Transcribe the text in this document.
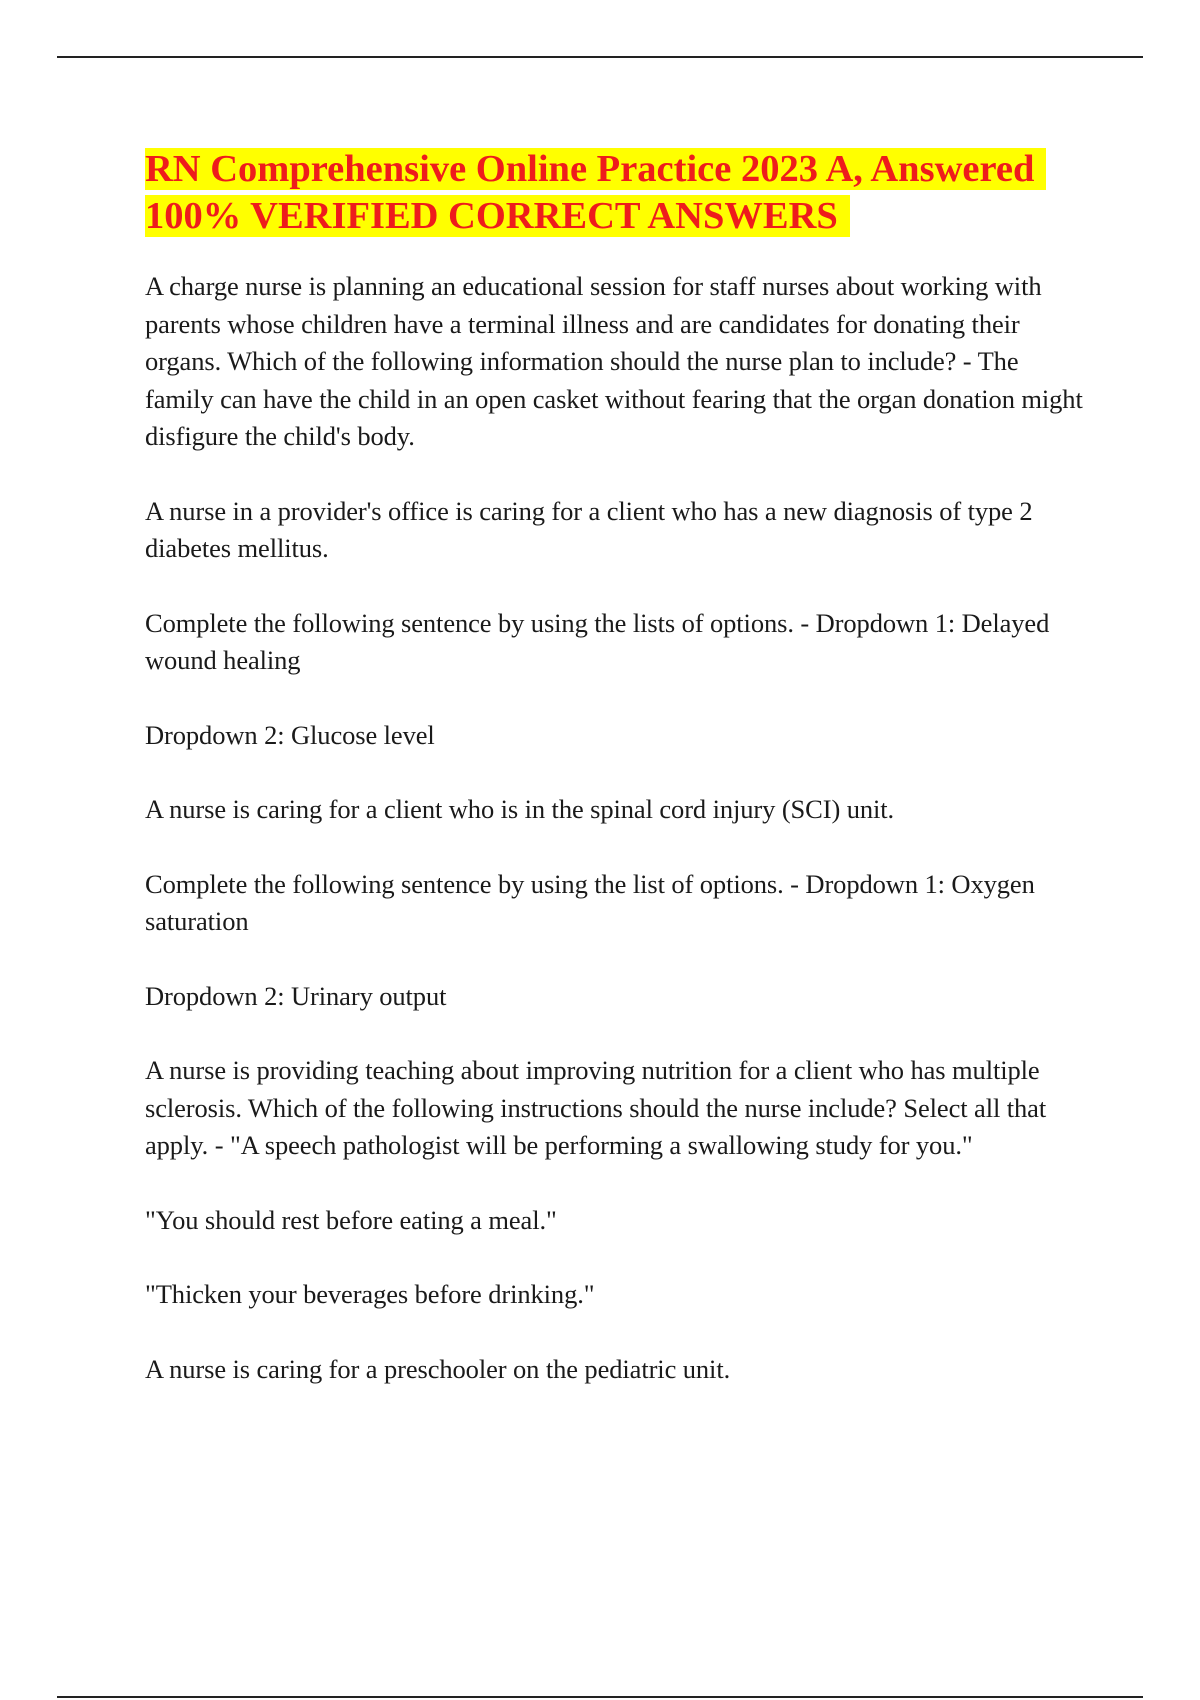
RN Comprehensive Online Practice 2023 A, Answered
100% VERIFIED CORRECT ANSWERS

A charge nurse is planning an educational session for staff nurses about working with parents whose children have a terminal illness and are candidates for donating their organs. Which of the following information should the nurse plan to include? - The family can have the child in an open casket without fearing that the organ donation might disfigure the child's body.

A nurse in a provider's office is caring for a client who has a new diagnosis of type 2 diabetes mellitus.

Complete the following sentence by using the lists of options. - Dropdown 1: Delayed wound healing

Dropdown 2: Glucose level

A nurse is caring for a client who is in the spinal cord injury (SCI) unit.

Complete the following sentence by using the list of options. - Dropdown 1: Oxygen saturation

Dropdown 2: Urinary output

A nurse is providing teaching about improving nutrition for a client who has multiple sclerosis. Which of the following instructions should the nurse include? Select all that apply. - "A speech pathologist will be performing a swallowing study for you."

"You should rest before eating a meal."

"Thicken your beverages before drinking."

A nurse is caring for a preschooler on the pediatric unit.
